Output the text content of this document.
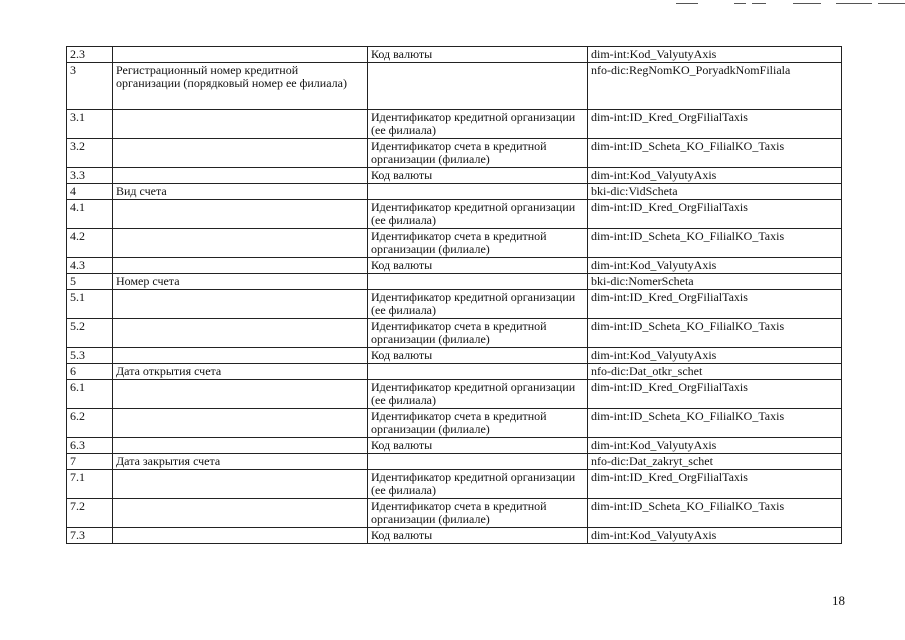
2.3		Код валюты	dim-int:Kod_ValyutyAxis
3	Регистрационный номер кредитной организации (порядковый номер ее филиала)		nfo-dic:RegNomKO_PoryadkNomFiliala
3.1		Идентификатор кредитной организации (ее филиала)	dim-int:ID_Kred_OrgFilialTaxis
3.2		Идентификатор счета в кредитной организации (филиале)	dim-int:ID_Scheta_KO_FilialKO_Taxis
3.3		Код валюты	dim-int:Kod_ValyutyAxis
4	Вид счета		bki-dic:VidScheta
4.1		Идентификатор кредитной организации (ее филиала)	dim-int:ID_Kred_OrgFilialTaxis
4.2		Идентификатор счета в кредитной организации (филиале)	dim-int:ID_Scheta_KO_FilialKO_Taxis
4.3		Код валюты	dim-int:Kod_ValyutyAxis
5	Номер счета		bki-dic:NomerScheta
5.1		Идентификатор кредитной организации (ее филиала)	dim-int:ID_Kred_OrgFilialTaxis
5.2		Идентификатор счета в кредитной организации (филиале)	dim-int:ID_Scheta_KO_FilialKO_Taxis
5.3		Код валюты	dim-int:Kod_ValyutyAxis
6	Дата открытия счета		nfo-dic:Dat_otkr_schet
6.1		Идентификатор кредитной организации (ее филиала)	dim-int:ID_Kred_OrgFilialTaxis
6.2		Идентификатор счета в кредитной организации (филиале)	dim-int:ID_Scheta_KO_FilialKO_Taxis
6.3		Код валюты	dim-int:Kod_ValyutyAxis
7	Дата закрытия счета		nfo-dic:Dat_zakryt_schet
7.1		Идентификатор кредитной организации (ее филиала)	dim-int:ID_Kred_OrgFilialTaxis
7.2		Идентификатор счета в кредитной организации (филиале)	dim-int:ID_Scheta_KO_FilialKO_Taxis
7.3		Код валюты	dim-int:Kod_ValyutyAxis
18
